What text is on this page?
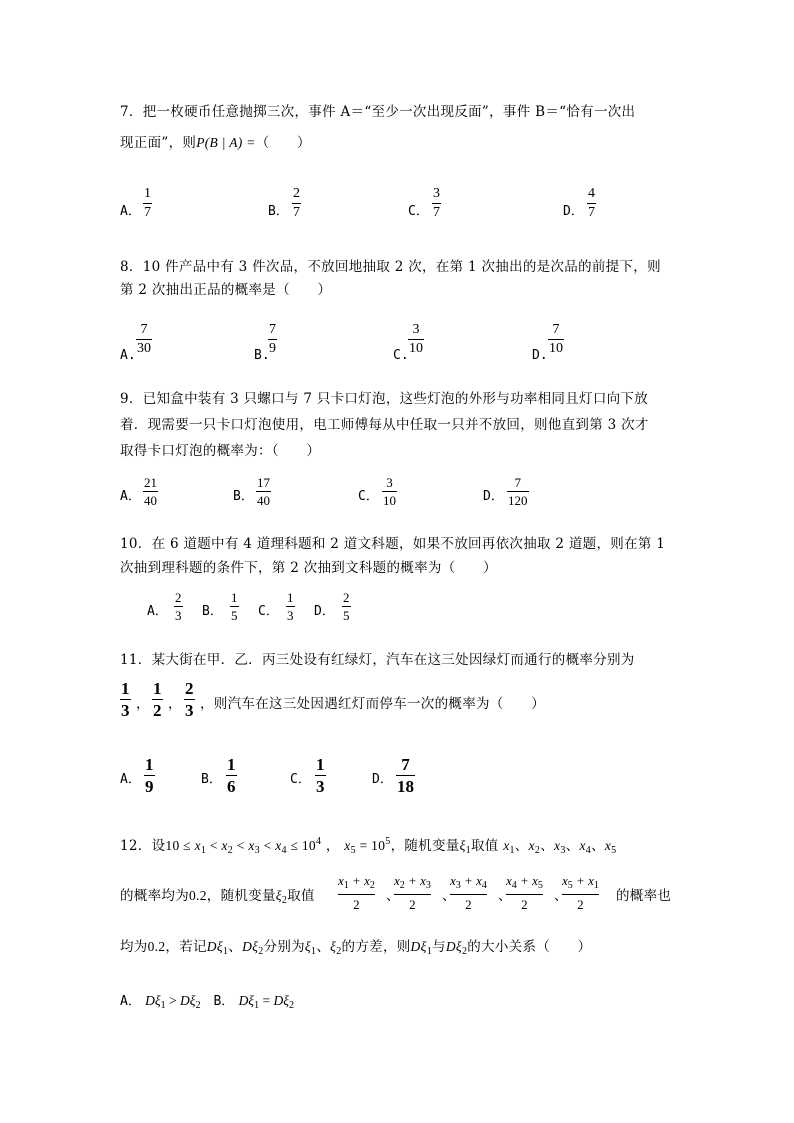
7．把一枚硬币任意抛掷三次，事件 A＝“至少一次出现反面”，事件 B＝“恰有一次出
现正面”，则P(B | A) =（　　）
A．
1
7	B．
2
7	C．
3
7	D．
4
7
8．10 件产品中有 3 件次品，不放回地抽取 2 次，在第 1 次抽出的是次品的前提下，则
第 2 次抽出正品的概率是（　　）
A.
7
30	B.
7
9	C.
3
10	D.
7
10
9．已知盒中装有 3 只螺口与 7 只卡口灯泡，这些灯泡的外形与功率相同且灯口向下放
着．现需要一只卡口灯泡使用，电工师傅每从中任取一只并不放回，则他直到第 3 次才
取得卡口灯泡的概率为：（　　）
A．
21
40	B．
17
40	C．
3
10	D．
7
120
10．在 6 道题中有 4 道理科题和 2 道文科题，如果不放回再依次抽取 2 道题，则在第 1
次抽到理科题的条件下，第 2 次抽到文科题的概率为（　　）
A．
2
3 B．
1
5 C．
1
3 D．
2
5
11．某大街在甲．乙．丙三处设有红绿灯，汽车在这三处因绿灯而通行的概率分别为
1
3 ，
1
2 ，
2
3 ，则汽车在这三处因遇红灯而停车一次的概率为（　　）
A．
1
9	B．
1
6	C．
1
3	D．
7
18
12．设$10 \le x_1 < x_2 < x_3 < x_4 \le 10^4$ ， $x_5 = 10^5$，随机变量$\xi_1$取值 $x_1$、$x_2$、$x_3$、$x_4$、$x_5$
的概率均为0.2，随机变量$\xi_2$取值
$x_1 + x_2$
2
、
$x_2 + x_3$
2
、
$x_3 + x_4$
2
、
$x_4 + x_5$
2
、
$x_5 + x_1$
2
的概率也
均为0.2，若记$D\xi_1$、$D\xi_2$分别为$\xi_1$、$\xi_2$的方差，则$D\xi_1$与$D\xi_2$的大小关系（　　）
A． $D\xi_1 > D\xi_2$ B． $D\xi_1 = D\xi_2$
